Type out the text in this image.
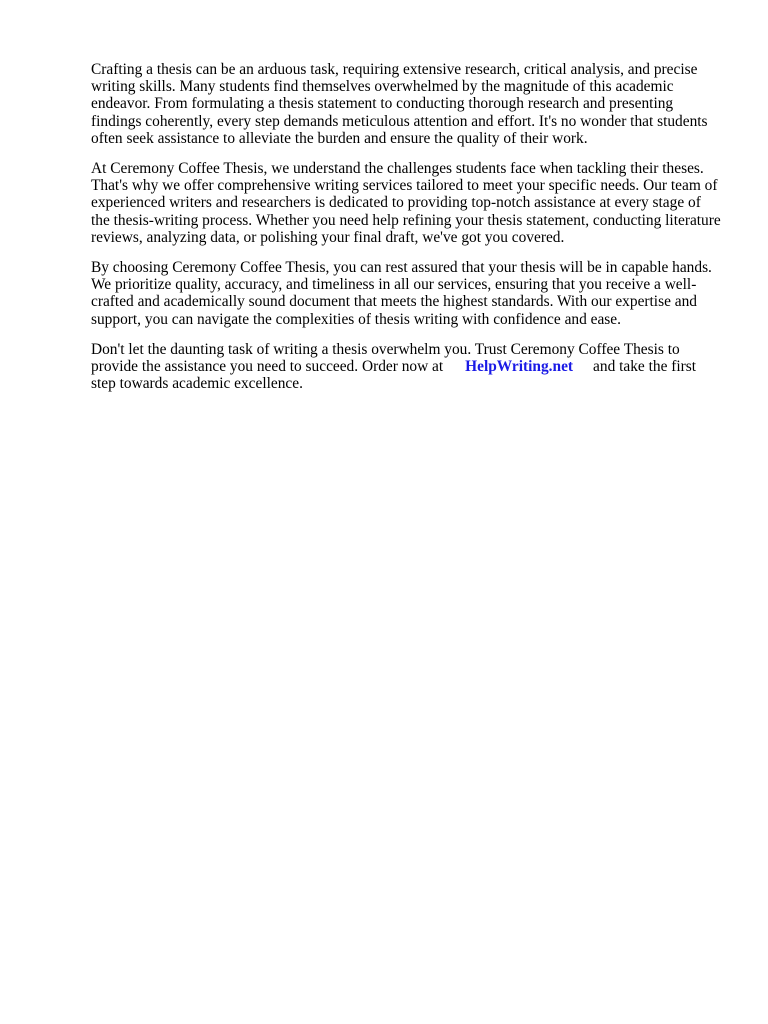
Crafting a thesis can be an arduous task, requiring extensive research, critical analysis, and precise writing skills. Many students find themselves overwhelmed by the magnitude of this academic endeavor. From formulating a thesis statement to conducting thorough research and presenting findings coherently, every step demands meticulous attention and effort. It's no wonder that students often seek assistance to alleviate the burden and ensure the quality of their work.

At Ceremony Coffee Thesis, we understand the challenges students face when tackling their theses. That's why we offer comprehensive writing services tailored to meet your specific needs. Our team of experienced writers and researchers is dedicated to providing top-notch assistance at every stage of the thesis-writing process. Whether you need help refining your thesis statement, conducting literature reviews, analyzing data, or polishing your final draft, we've got you covered.

By choosing Ceremony Coffee Thesis, you can rest assured that your thesis will be in capable hands. We prioritize quality, accuracy, and timeliness in all our services, ensuring that you receive a well-crafted and academically sound document that meets the highest standards. With our expertise and support, you can navigate the complexities of thesis writing with confidence and ease.

Don't let the daunting task of writing a thesis overwhelm you. Trust Ceremony Coffee Thesis to provide the assistance you need to succeed. Order now at HelpWriting.net and take the first step towards academic excellence.
